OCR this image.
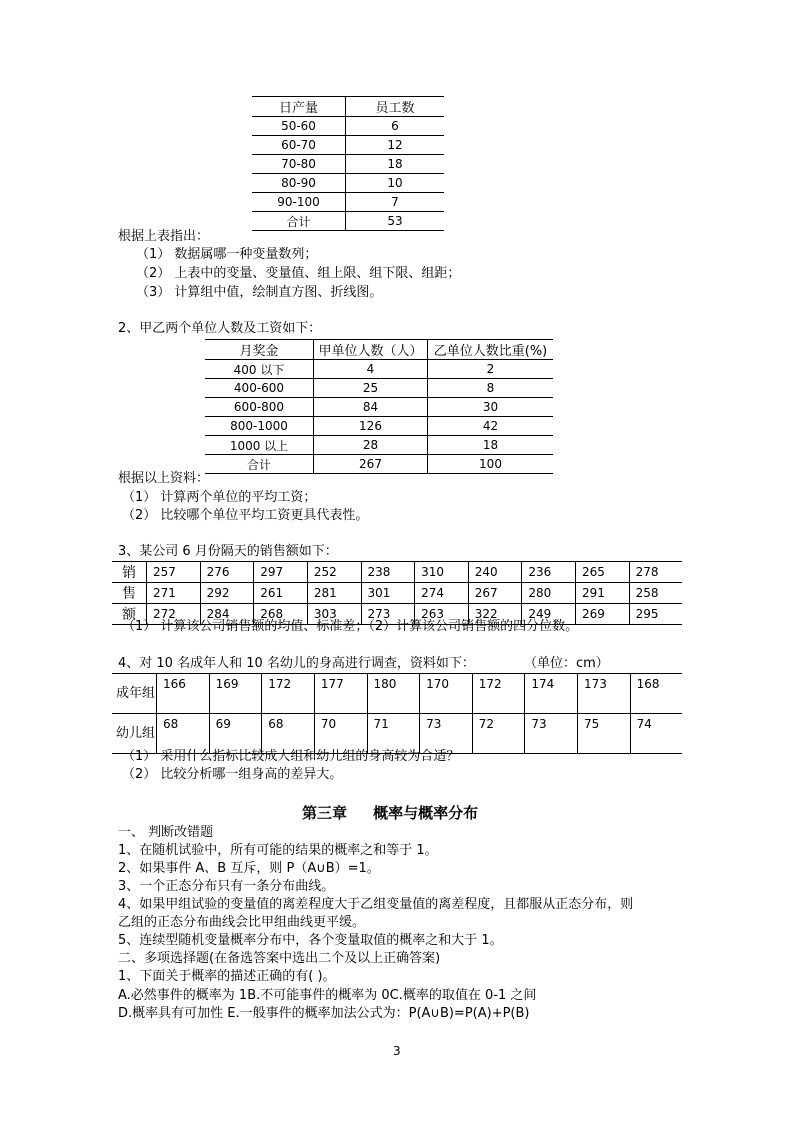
日产量	员工数
50-60	6
60-70	12
70-80	18
80-90	10
90-100	7
合计	53
根据上表指出：
（1） 数据属哪一种变量数列；
（2） 上表中的变量、变量值、组上限、组下限、组距；
（3） 计算组中值，绘制直方图、折线图。
2、甲乙两个单位人数及工资如下：
月奖金	甲单位人数（人）	乙单位人数比重(%)
400 以下	4	2
400-600	25	8
600-800	84	30
800-1000	126	42
1000 以上	28	18
合计	267	100
根据以上资料：
（1） 计算两个单位的平均工资；
（2） 比较哪个单位平均工资更具代表性。
3、某公司 6 月份隔天的销售额如下：
销	257	276	297	252	238	310	240	236	265	278
售	271	292	261	281	301	274	267	280	291	258
额	272	284	268	303	273	263	322	249	269	295
（1） 计算该公司销售额的均值、标准差；（2）计算该公司销售额的四分位数。
4、对 10 名成年人和 10 名幼儿的身高进行调查，资料如下：	（单位：cm）
成年组	166	169	172	177	180	170	172	174	173	168
幼儿组	68	69	68	70	71	73	72	73	75	74
（1） 采用什么指标比较成人组和幼儿组的身高较为合适？
（2） 比较分析哪一组身高的差异大。
第三章     概率与概率分布
一、 判断改错题
1、在随机试验中，所有可能的结果的概率之和等于 1。
2、如果事件 A、B 互斥，则 P（A∪B）=1。
3、一个正态分布只有一条分布曲线。
4、如果甲组试验的变量值的离差程度大于乙组变量值的离差程度，且都服从正态分布，则
乙组的正态分布曲线会比甲组曲线更平缓。
5、连续型随机变量概率分布中，各个变量取值的概率之和大于 1。
二、多项选择题(在备选答案中选出二个及以上正确答案)
1、下面关于概率的描述正确的有( )。
A.必然事件的概率为 1B.不可能事件的概率为 0C.概率的取值在 0-1 之间
D.概率具有可加性 E.一般事件的概率加法公式为：P(A∪B)=P(A)+P(B)
3
